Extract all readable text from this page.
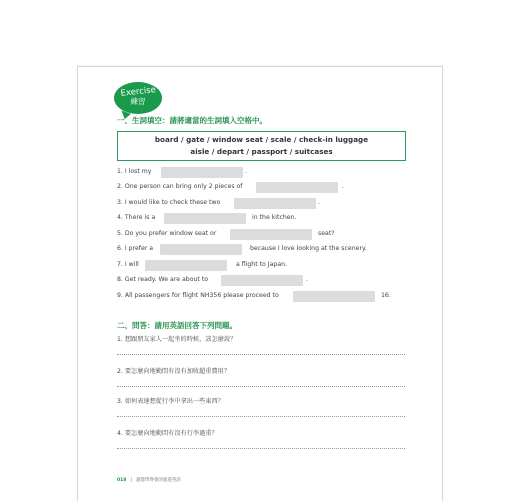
Exercise
練習
一、生詞填空：請將適當的生詞填入空格中。
board / gate / window seat / scale / check-in luggage
aisle / depart / passport / suitcases
1. I lost my	.
2. One person can bring only 2 pieces of	.
3. I would like to check these two	.
4. There is a	in the kitchen.
5. Do you prefer window seat or	seat?
6. I prefer a	because I love looking at the scenery.
7. I will	a flight to Japan.
8. Get ready. We are about to	.
9. All passengers for flight NH356 please proceed to	16.
二、問答：請用英語回答下列問題。
1. 想跟朋友家人一起坐的時候，該怎麼說？
2. 要怎麼向地勤問有沒有加收超重費用？
3. 如何表達想從行李中拿出一些東西？
4. 要怎麼向地勤問有沒有行李過重？
018 | 誰都學得會的旅遊英語
